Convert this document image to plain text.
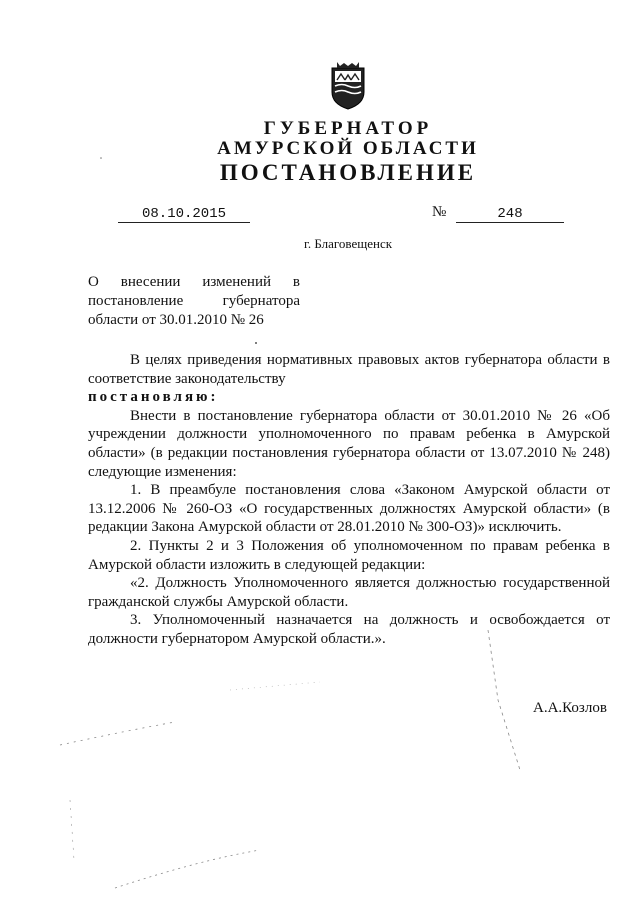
ГУБЕРНАТОР
АМУРСКОЙ ОБЛАСТИ
ПОСТАНОВЛЕНИЕ
08.10.2015	№	248
г. Благовещенск
О внесении изменений в
постановление губернатора
области от 30.01.2010 № 26

В целях приведения нормативных правовых актов губернатора области в соответствие законодательству

постановляю:

Внести в постановление губернатора области от 30.01.2010 № 26 «Об учреждении должности уполномоченного по правам ребенка в Амурской области» (в редакции постановления губернатора области от 13.07.2010 № 248) следующие изменения:

1. В преамбуле постановления слова «Законом Амурской области от 13.12.2006 № 260-ОЗ «О государственных должностях Амурской области» (в редакции Закона Амурской области от 28.01.2010 № 300-ОЗ)» исключить.

2. Пункты 2 и 3 Положения об уполномоченном по правам ребенка в Амурской области изложить в следующей редакции:

«2. Должность Уполномоченного является должностью государственной гражданской службы Амурской области.

3. Уполномоченный назначается на должность и освобождается от должности губернатором Амурской области.».

А.А.Козлов
